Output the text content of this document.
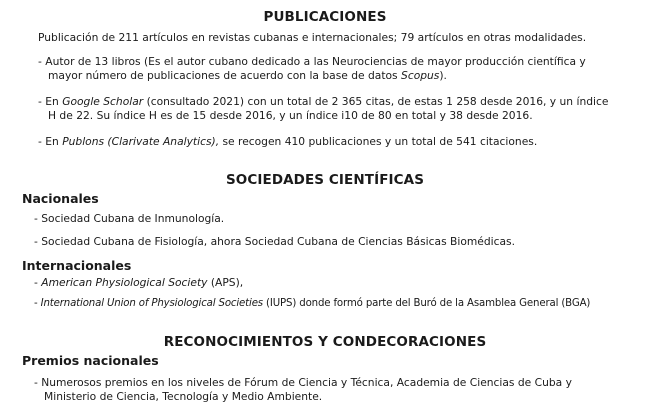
PUBLICACIONES
Publicación de 211 artículos en revistas cubanas e internacionales; 79 artículos en otras modalidades.
- Autor de 13 libros (Es el autor cubano dedicado a las Neurociencias de mayor producción científica y
mayor número de publicaciones de acuerdo con la base de datos Scopus).
- En Google Scholar (consultado 2021) con un total de 2 365 citas, de estas 1 258 desde 2016, y un índice
H de 22. Su índice H es de 15 desde 2016, y un índice i10 de 80 en total y 38 desde 2016.
- En Publons (Clarivate Analytics), se recogen 410 publicaciones y un total de 541 citaciones.
SOCIEDADES CIENTÍFICAS
Nacionales
- Sociedad Cubana de Inmunología.
- Sociedad Cubana de Fisiología, ahora Sociedad Cubana de Ciencias Básicas Biomédicas.
Internacionales
- American Physiological Society (APS),
- International Union of Physiological Societies (IUPS) donde formó parte del Buró de la Asamblea General (BGA)
RECONOCIMIENTOS Y CONDECORACIONES
Premios nacionales
- Numerosos premios en los niveles de Fórum de Ciencia y Técnica, Academia de Ciencias de Cuba y
Ministerio de Ciencia, Tecnología y Medio Ambiente.
